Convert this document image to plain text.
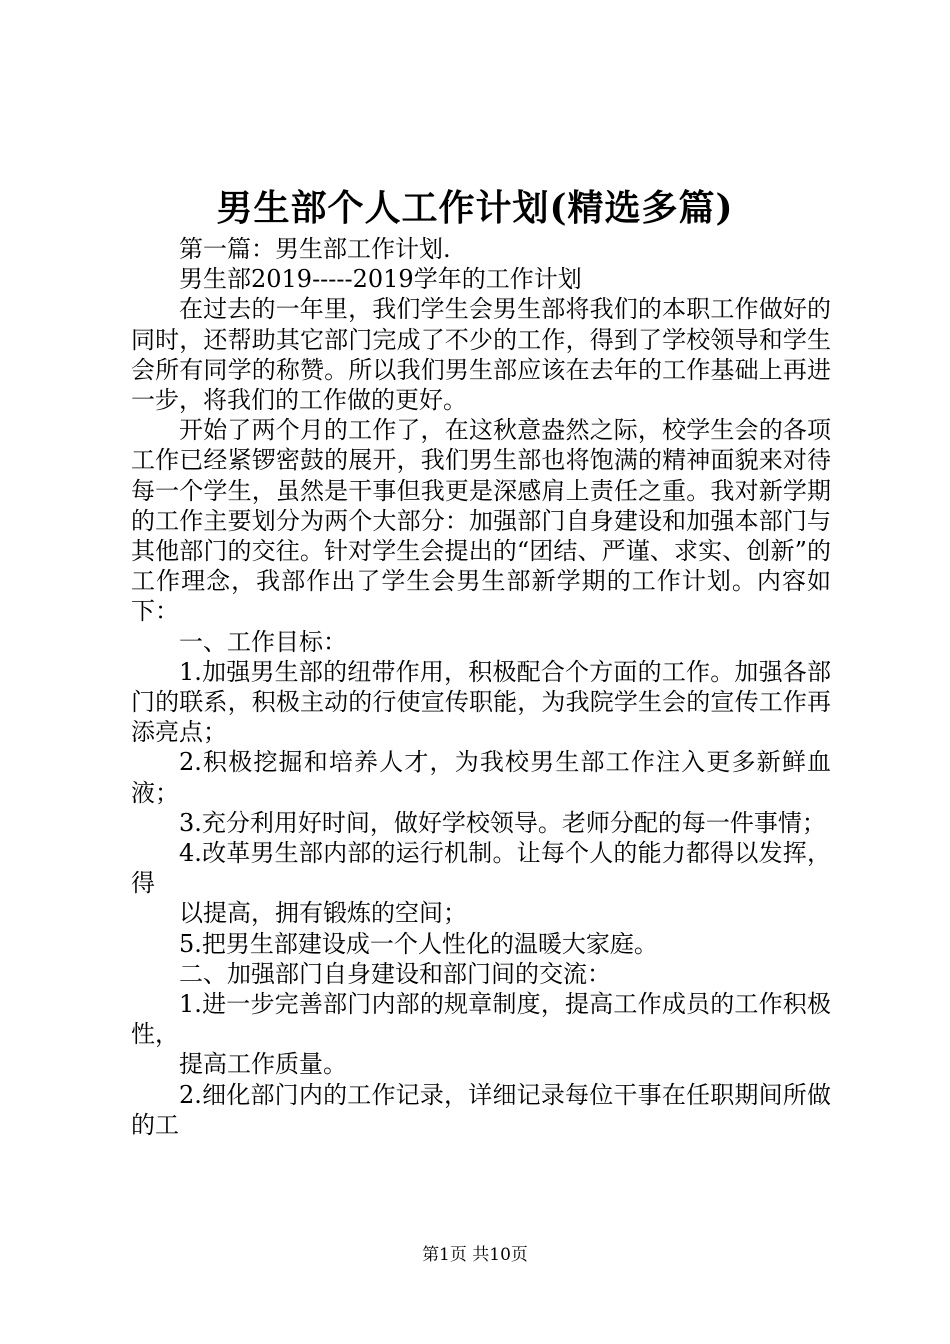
男生部个人工作计划(精选多篇)

第一篇：男生部工作计划.

男生部2019-----2019学年的工作计划

在过去的一年里，我们学生会男生部将我们的本职工作做好的同时，还帮助其它部门完成了不少的工作，得到了学校领导和学生会所有同学的称赞。所以我们男生部应该在去年的工作基础上再进一步，将我们的工作做的更好。

开始了两个月的工作了，在这秋意盎然之际，校学生会的各项工作已经紧锣密鼓的展开，我们男生部也将饱满的精神面貌来对待每一个学生，虽然是干事但我更是深感肩上责任之重。我对新学期的工作主要划分为两个大部分：加强部门自身建设和加强本部门与其他部门的交往。针对学生会提出的“团结、严谨、求实、创新”的工作理念，我部作出了学生会男生部新学期的工作计划。内容如下：

一、工作目标：

1.加强男生部的纽带作用，积极配合个方面的工作。加强各部门的联系，积极主动的行使宣传职能，为我院学生会的宣传工作再添亮点；

2.积极挖掘和培养人才，为我校男生部工作注入更多新鲜血液；

3.充分利用好时间，做好学校领导。老师分配的每一件事情；

4.改革男生部内部的运行机制。让每个人的能力都得以发挥，得

以提高，拥有锻炼的空间；

5.把男生部建设成一个人性化的温暖大家庭。

二、加强部门自身建设和部门间的交流：

1.进一步完善部门内部的规章制度，提高工作成员的工作积极性，

提高工作质量。

2.细化部门内的工作记录，详细记录每位干事在任职期间所做的工

第1页 共10页
